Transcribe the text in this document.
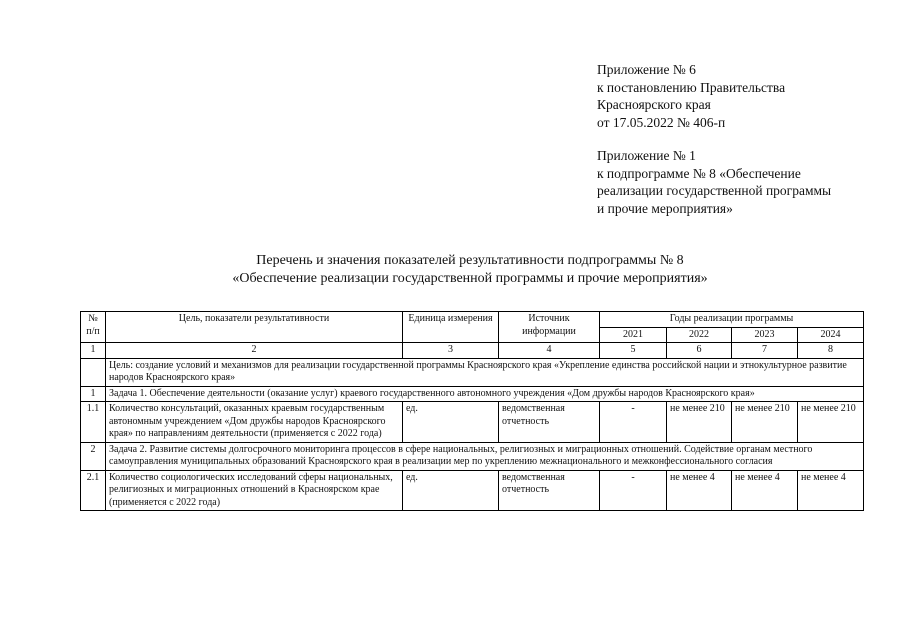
Приложение № 6
к постановлению Правительства
Красноярского края
от 17.05.2022 № 406-п
Приложение № 1
к подпрограмме № 8 «Обеспечение
реализации государственной программы
и прочие мероприятия»
Перечень и значения показателей результативности подпрограммы № 8
«Обеспечение реализации государственной программы и прочие мероприятия»
№ п/п	Цель, показатели результативности	Единица измерения	Источник информации	Годы реализации программы			
				2021	2022	2023	2024
1	2	3	4	5	6	7	8
	Цель: создание условий и механизмов для реализации государственной программы Красноярского края «Укрепление единства российской нации и этнокультурное развитие народов Красноярского края»						
1	Задача 1. Обеспечение деятельности (оказание услуг) краевого государственного автономного учреждения «Дом дружбы народов Красноярского края»						
1.1	Количество консультаций, оказанных краевым государственным автономным учреждением «Дом дружбы народов Красноярского края» по направлениям деятельности (применяется с 2022 года)	ед.	ведомственная отчетность	-	не менее 210	не менее 210	не менее 210
2	Задача 2. Развитие системы долгосрочного мониторинга процессов в сфере национальных, религиозных и миграционных отношений. Содействие органам местного самоуправления муниципальных образований Красноярского края в реализации мер по укреплению межнационального и межконфессионального согласия						
2.1	Количество социологических исследований сферы национальных, религиозных и миграционных отношений в Красноярском крае (применяется с 2022 года)	ед.	ведомственная отчетность	-	не менее 4	не менее 4	не менее 4
